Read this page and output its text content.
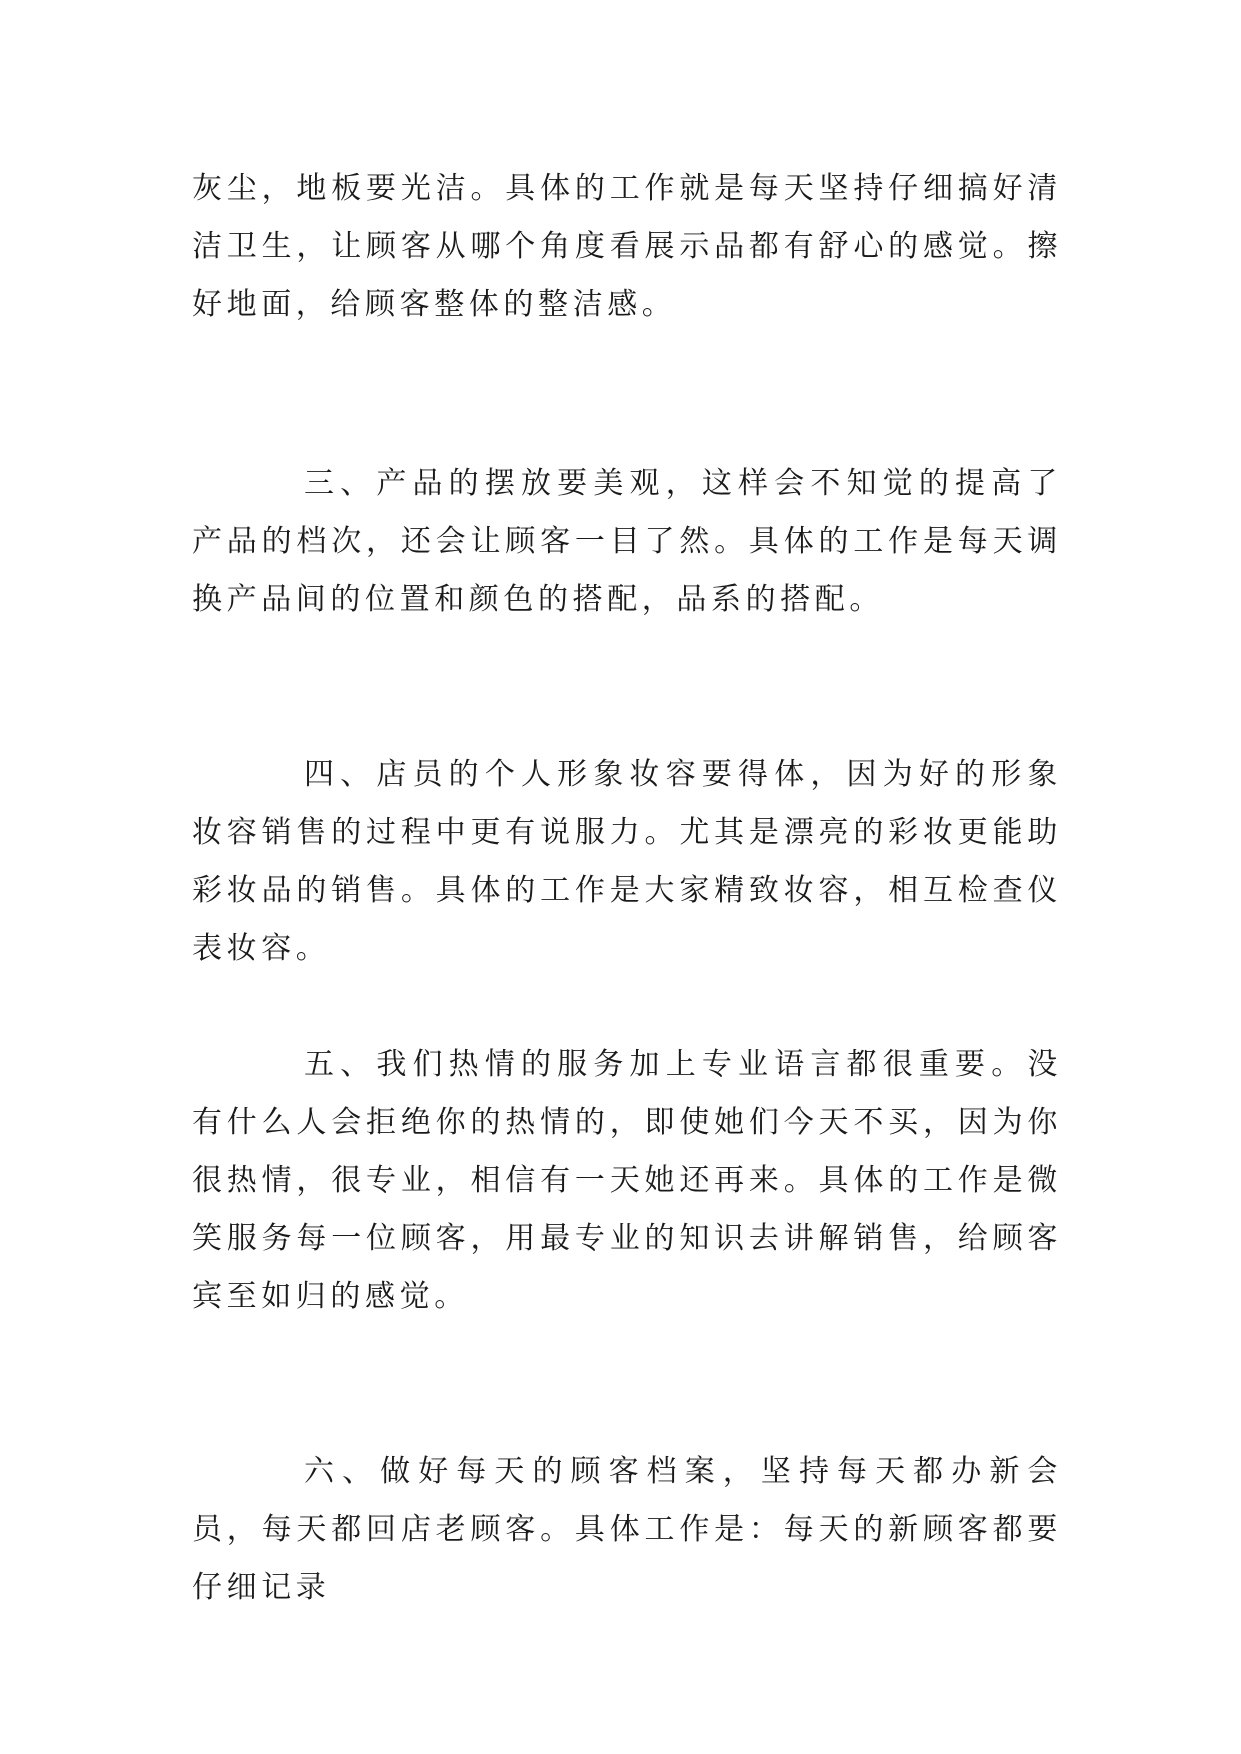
灰尘，地板要光洁。具体的工作就是每天坚持仔细搞好清洁卫生，让顾客从哪个角度看展示品都有舒心的感觉。擦好地面，给顾客整体的整洁感。

三、产品的摆放要美观，这样会不知觉的提高了产品的档次，还会让顾客一目了然。具体的工作是每天调换产品间的位置和颜色的搭配，品系的搭配。

四、店员的个人形象妆容要得体，因为好的形象妆容销售的过程中更有说服力。尤其是漂亮的彩妆更能助彩妆品的销售。具体的工作是大家精致妆容，相互检查仪表妆容。

五、我们热情的服务加上专业语言都很重要。没有什么人会拒绝你的热情的，即使她们今天不买，因为你很热情，很专业，相信有一天她还再来。具体的工作是微笑服务每一位顾客，用最专业的知识去讲解销售，给顾客宾至如归的感觉。

六、做好每天的顾客档案，坚持每天都办新会员，每天都回店老顾客。具体工作是：每天的新顾客都要仔细记录
